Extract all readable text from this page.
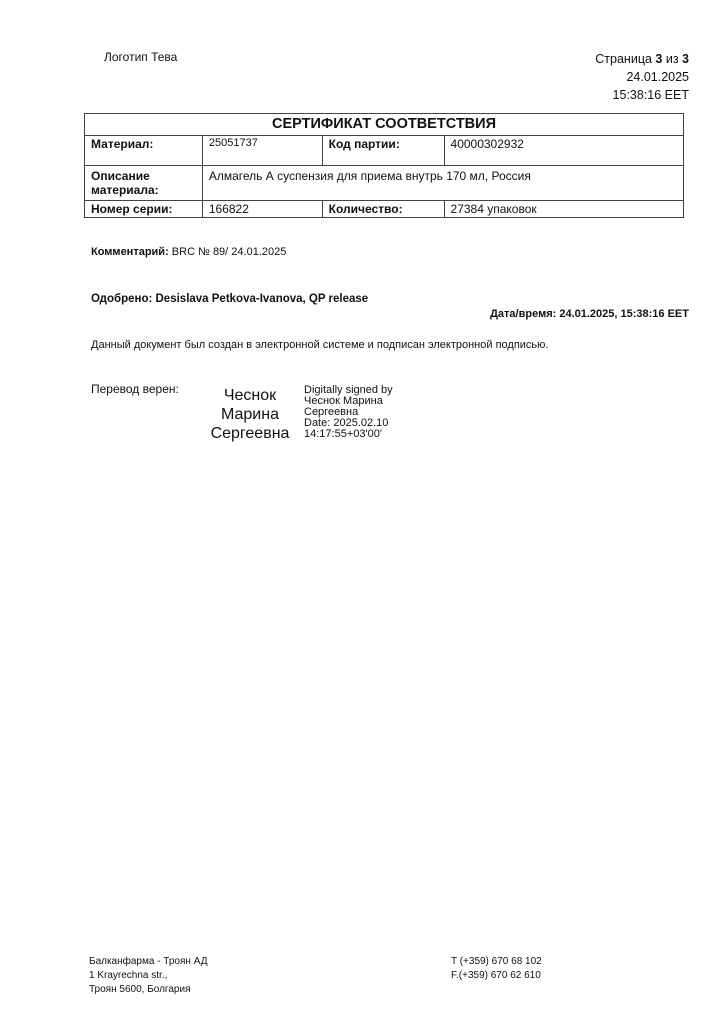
Логотип Тева	Страница 3 из 3
24.01.2025
15:38:16 EET
СЕРТИФИКАТ СООТВЕТСТВИЯ			
Материал:	25051737	Код партии:	40000302932

Описание
материала:	Алмагель А суспензия для приема внутрь 170 мл, Россия		
Номер серии:	166822	Количество:	27384 упаковок
Комментарий: BRC № 89/ 24.01.2025
Одобрено: Desislava Petkova-Ivanova, QP release
Дата/время: 24.01.2025, 15:38:16 EET
Данный документ был создан в электронной системе и подписан электронной подписью.
Перевод верен:	Чеснок
Марина
Сергеевна
Digitally signed by
Чеснок Марина
Сергеевна
Date: 2025.02.10
14:17:55+03'00'
Балканфарма - Троян АД
1 Krayrechna str.,
Троян 5600, Болгария
T (+359) 670 68 102
F.(+359) 670 62 610
